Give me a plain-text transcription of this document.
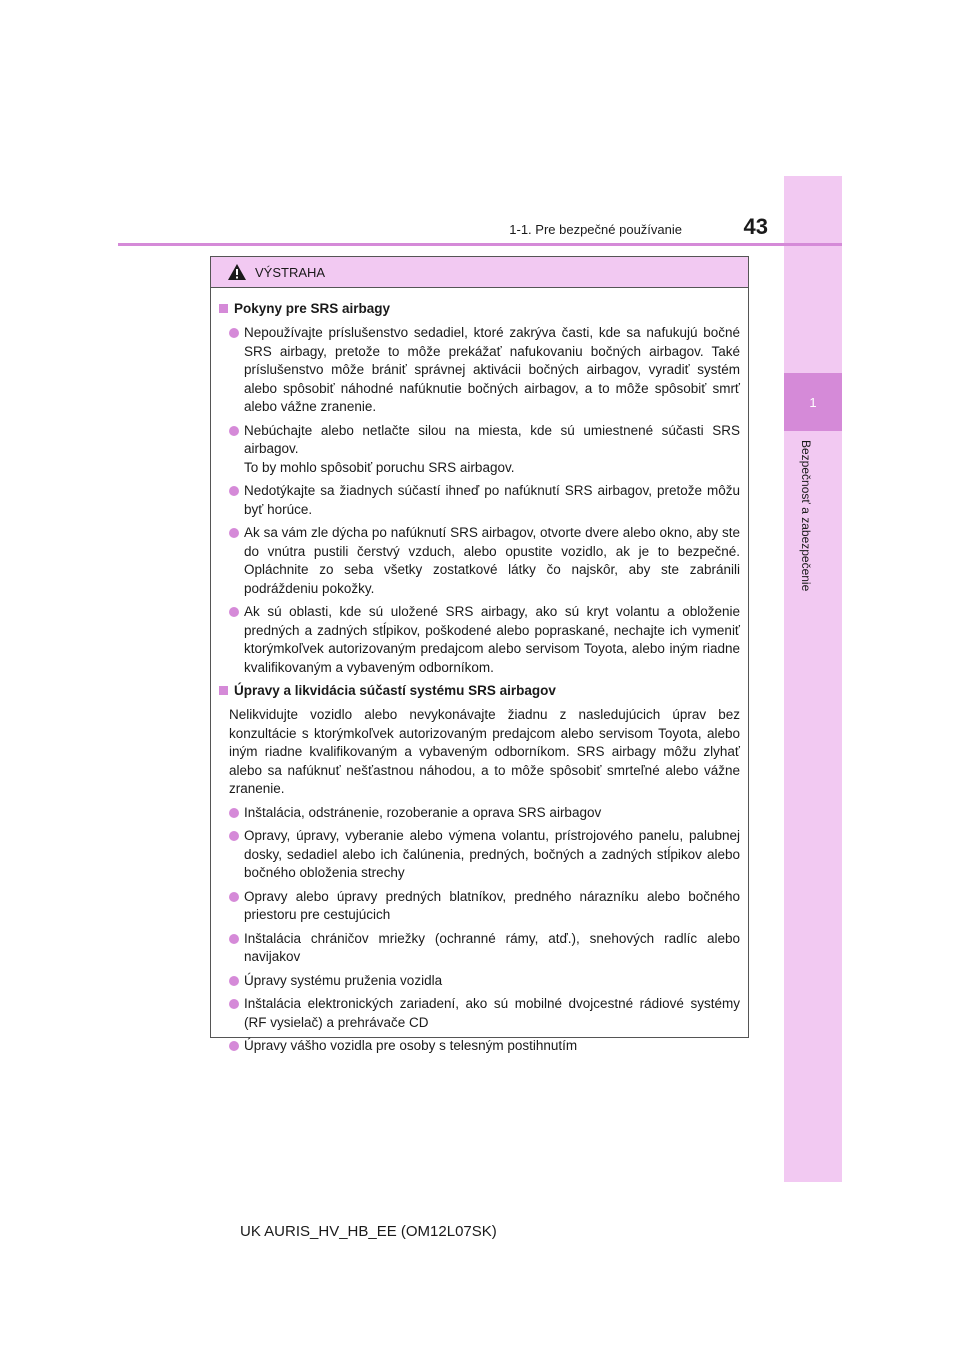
1
Bezpečnosť a zabezpečenie
1-1. Pre bezpečné používanie	43
VÝSTRAHA
Pokyny pre SRS airbagy
Nepoužívajte príslušenstvo sedadiel, ktoré zakrýva časti, kde sa nafukujú bočné SRS airbagy, pretože to môže prekážať nafukovaniu bočných airbagov. Také príslušenstvo môže brániť správnej aktivácii bočných airbagov, vyradiť systém alebo spôsobiť náhodné nafúknutie bočných airbagov, a to môže spôsobiť smrť alebo vážne zranenie.
Nebúchajte alebo netlačte silou na miesta, kde sú umiestnené súčasti SRS airbagov.
To by mohlo spôsobiť poruchu SRS airbagov.
Nedotýkajte sa žiadnych súčastí ihneď po nafúknutí SRS airbagov, pretože môžu byť horúce.
Ak sa vám zle dýcha po nafúknutí SRS airbagov, otvorte dvere alebo okno, aby ste do vnútra pustili čerstvý vzduch, alebo opustite vozidlo, ak je to bezpečné. Opláchnite zo seba všetky zostatkové látky čo najskôr, aby ste zabránili podráždeniu pokožky.
Ak sú oblasti, kde sú uložené SRS airbagy, ako sú kryt volantu a obloženie predných a zadných stĺpikov, poškodené alebo popraskané, nechajte ich vymeniť ktorýmkoľvek autorizovaným predajcom alebo servisom Toyota, alebo iným riadne kvalifikovaným a vybaveným odborníkom.
Úpravy a likvidácia súčastí systému SRS airbagov
Nelikvidujte vozidlo alebo nevykonávajte žiadnu z nasledujúcich úprav bez konzultácie s ktorýmkoľvek autorizovaným predajcom alebo servisom Toyota, alebo iným riadne kvalifikovaným a vybaveným odborníkom. SRS airbagy môžu zlyhať alebo sa nafúknuť nešťastnou náhodou, a to môže spôsobiť smrteľné alebo vážne zranenie.
Inštalácia, odstránenie, rozoberanie a oprava SRS airbagov
Opravy, úpravy, vyberanie alebo výmena volantu, prístrojového panelu, palubnej dosky, sedadiel alebo ich čalúnenia, predných, bočných a zadných stĺpikov alebo bočného obloženia strechy
Opravy alebo úpravy predných blatníkov, predného nárazníku alebo bočného priestoru pre cestujúcich
Inštalácia chráničov mriežky (ochranné rámy, atď.), snehových radlíc alebo navijakov
Úpravy systému pruženia vozidla
Inštalácia elektronických zariadení, ako sú mobilné dvojcestné rádiové systémy (RF vysielač) a prehrávače CD
Úpravy vášho vozidla pre osoby s telesným postihnutím
UK AURIS_HV_HB_EE (OM12L07SK)
